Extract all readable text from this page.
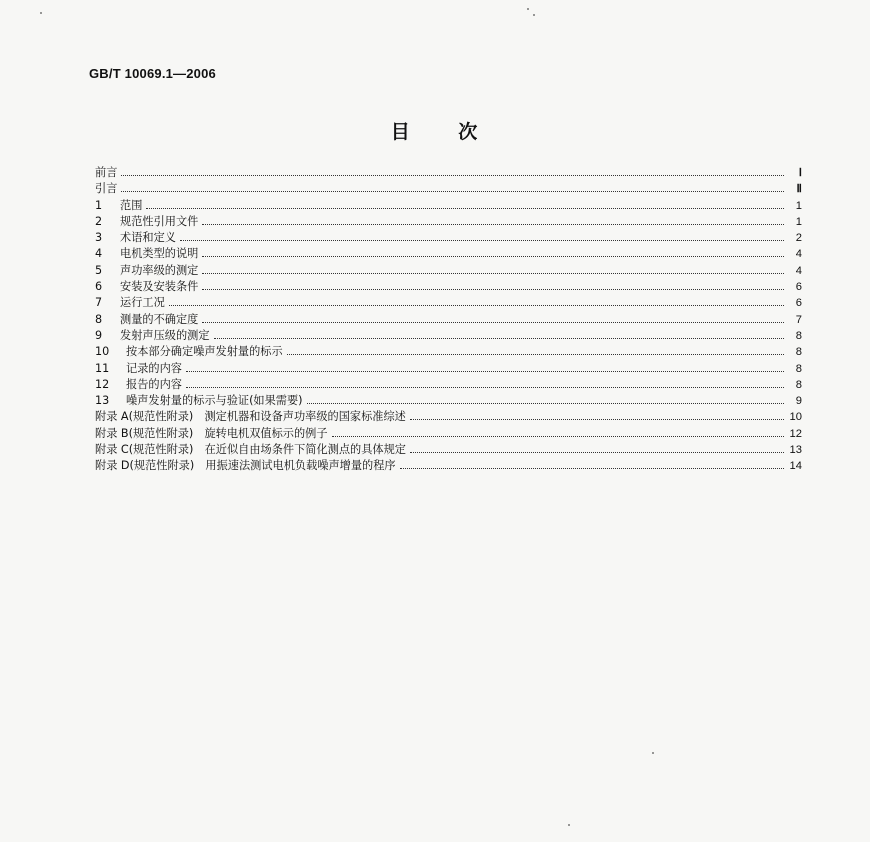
GB/T 10069.1—2006
目 次
前言	Ⅰ
引言	Ⅱ
1 范围	1
2 规范性引用文件	1
3 术语和定义	2
4 电机类型的说明	4
5 声功率级的测定	4
6 安装及安装条件	6
7 运行工况	6
8 测量的不确定度	7
9 发射声压级的测定	8
10 按本部分确定噪声发射量的标示	8
11 记录的内容	8
12 报告的内容	8
13 噪声发射量的标示与验证(如果需要)	9
附录 A(规范性附录)　测定机器和设备声功率级的国家标准综述	10
附录 B(规范性附录)　旋转电机双值标示的例子	12
附录 C(规范性附录)　在近似自由场条件下简化测点的具体规定	13
附录 D(规范性附录)　用振速法测试电机负载噪声增量的程序	14
